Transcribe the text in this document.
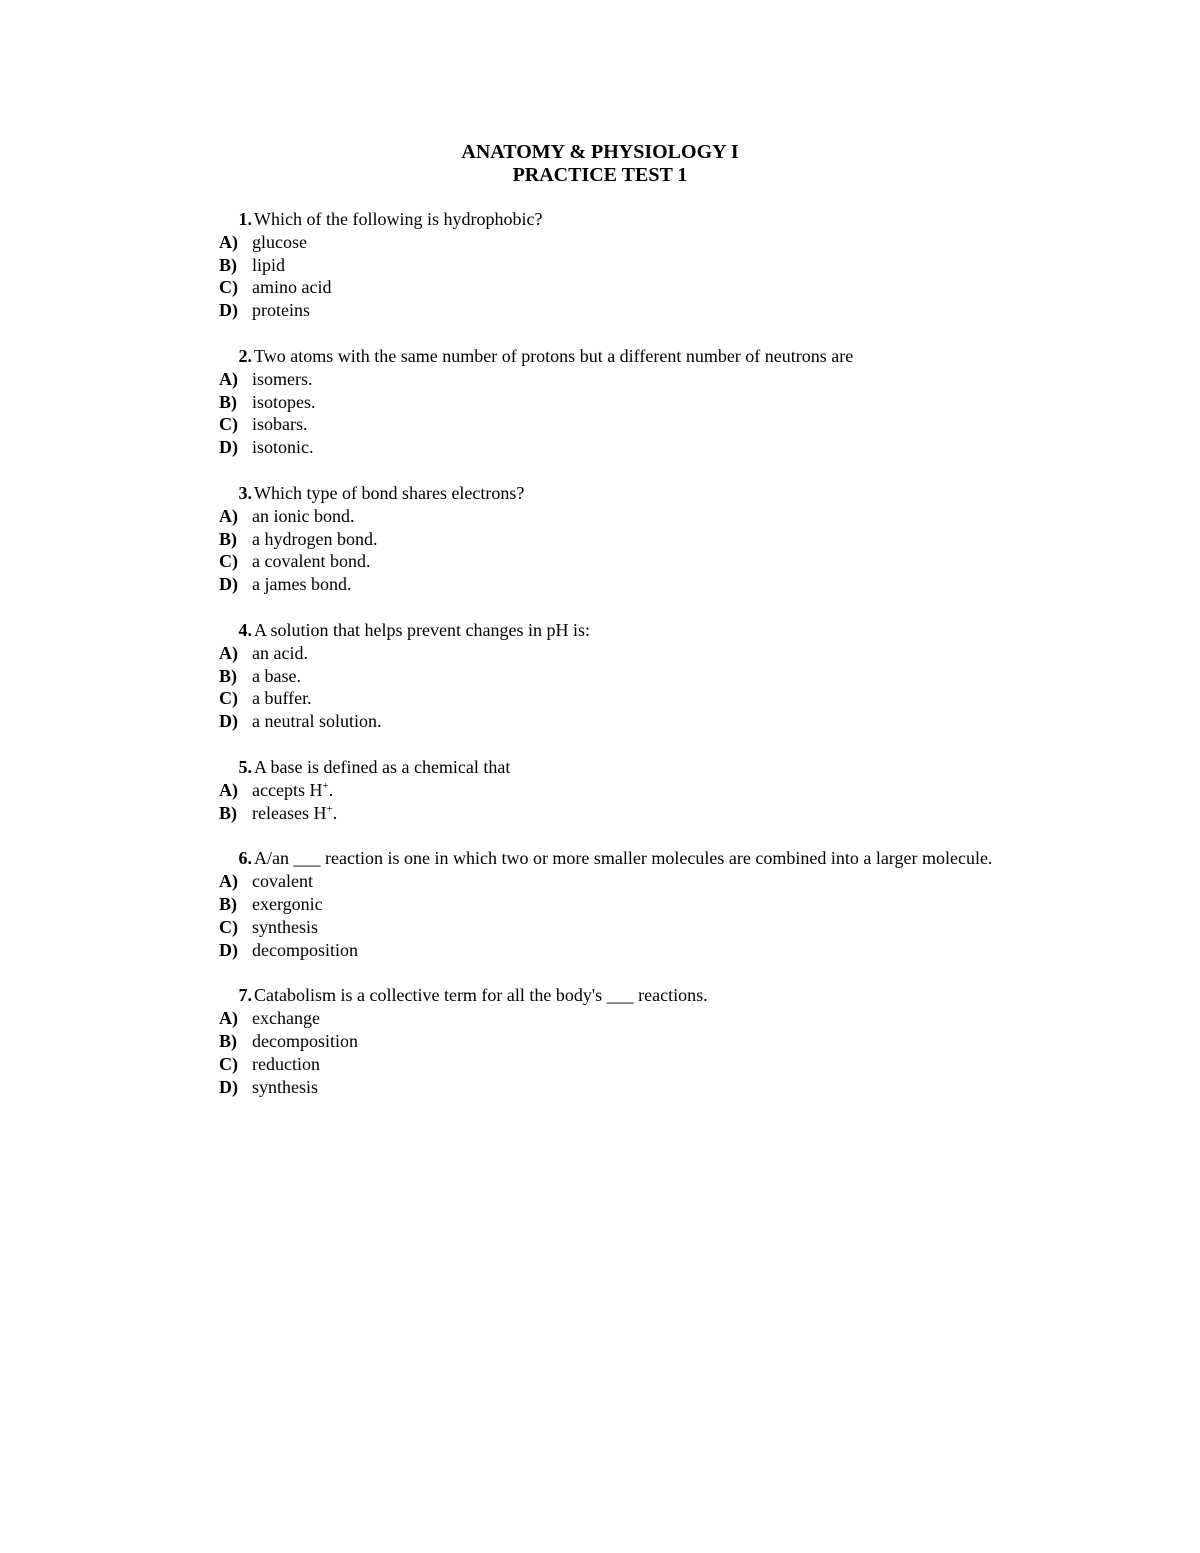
ANATOMY & PHYSIOLOGY I
PRACTICE TEST 1
1. Which of the following is hydrophobic?
A) glucose
B) lipid
C) amino acid
D) proteins
2. Two atoms with the same number of protons but a different number of neutrons are
A) isomers.
B) isotopes.
C) isobars.
D) isotonic.
3. Which type of bond shares electrons?
A) an ionic bond.
B) a hydrogen bond.
C) a covalent bond.
D) a james bond.
4. A solution that helps prevent changes in pH is:
A) an acid.
B) a base.
C) a buffer.
D) a neutral solution.
5. A base is defined as a chemical that
A) accepts H+.
B) releases H+.
6. A/an ___ reaction is one in which two or more smaller molecules are combined into a larger molecule.
A) covalent
B) exergonic
C) synthesis
D) decomposition
7. Catabolism is a collective term for all the body's ___ reactions.
A) exchange
B) decomposition
C) reduction
D) synthesis
